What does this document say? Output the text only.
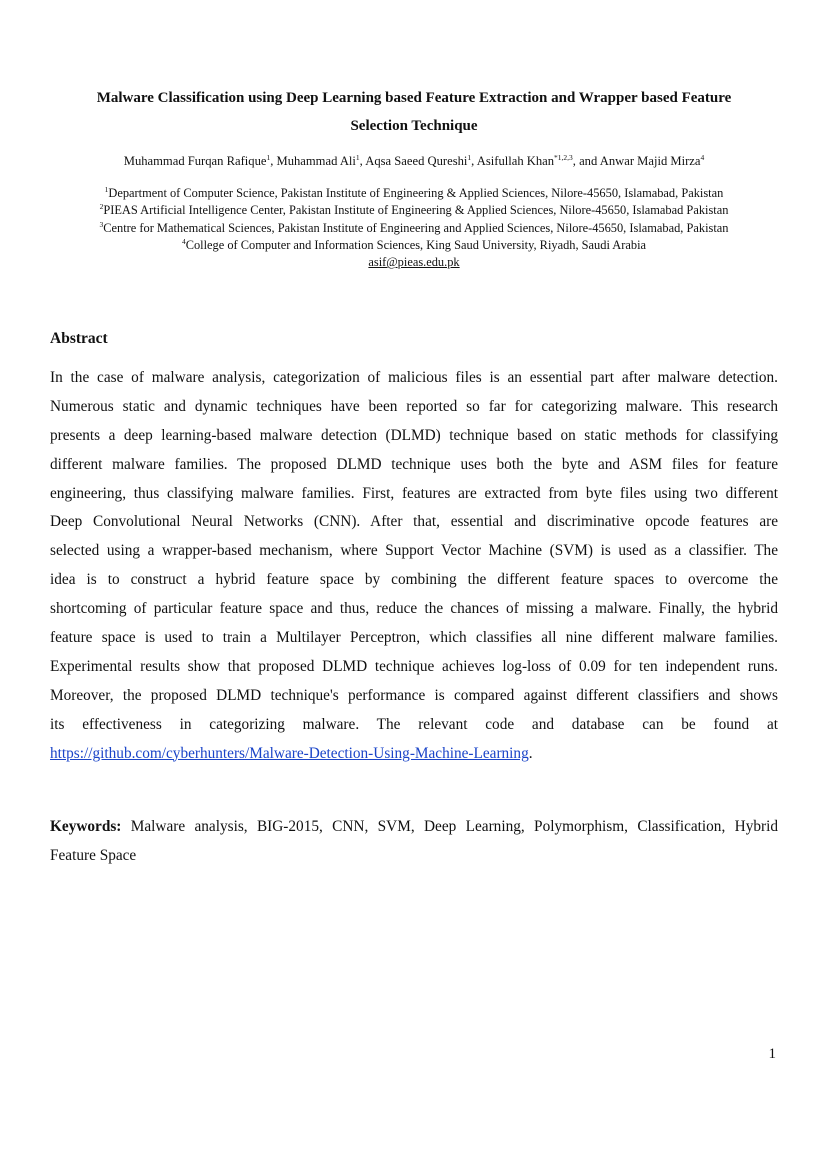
Malware Classification using Deep Learning based Feature Extraction and Wrapper based Feature
Selection Technique
Muhammad Furqan Rafique$^1$, Muhammad Ali$^1$, Aqsa Saeed Qureshi$^1$, Asifullah Khan$^{*1,2,3}$, and Anwar Majid Mirza$^4$
$^1$Department of Computer Science, Pakistan Institute of Engineering & Applied Sciences, Nilore-45650, Islamabad, Pakistan
$^2$PIEAS Artificial Intelligence Center, Pakistan Institute of Engineering & Applied Sciences, Nilore-45650, Islamabad Pakistan
$^3$Centre for Mathematical Sciences, Pakistan Institute of Engineering and Applied Sciences, Nilore-45650, Islamabad, Pakistan
$^4$College of Computer and Information Sciences, King Saud University, Riyadh, Saudi Arabia
asif@pieas.edu.pk
Abstract
In the case of malware analysis, categorization of malicious files is an essential part after malware detection.
Numerous static and dynamic techniques have been reported so far for categorizing malware. This research
presents a deep learning-based malware detection (DLMD) technique based on static methods for classifying
different malware families. The proposed DLMD technique uses both the byte and ASM files for feature
engineering, thus classifying malware families. First, features are extracted from byte files using two different
Deep Convolutional Neural Networks (CNN). After that, essential and discriminative opcode features are
selected using a wrapper-based mechanism, where Support Vector Machine (SVM) is used as a classifier. The
idea is to construct a hybrid feature space by combining the different feature spaces to overcome the
shortcoming of particular feature space and thus, reduce the chances of missing a malware. Finally, the hybrid
feature space is used to train a Multilayer Perceptron, which classifies all nine different malware families.
Experimental results show that proposed DLMD technique achieves log-loss of 0.09 for ten independent runs.
Moreover, the proposed DLMD technique's performance is compared against different classifiers and shows
its effectiveness in categorizing malware. The relevant code and database can be found at
https://github.com/cyberhunters/Malware-Detection-Using-Machine-Learning.
Keywords: Malware analysis, BIG-2015, CNN, SVM, Deep Learning, Polymorphism, Classification, Hybrid
Feature Space
1
